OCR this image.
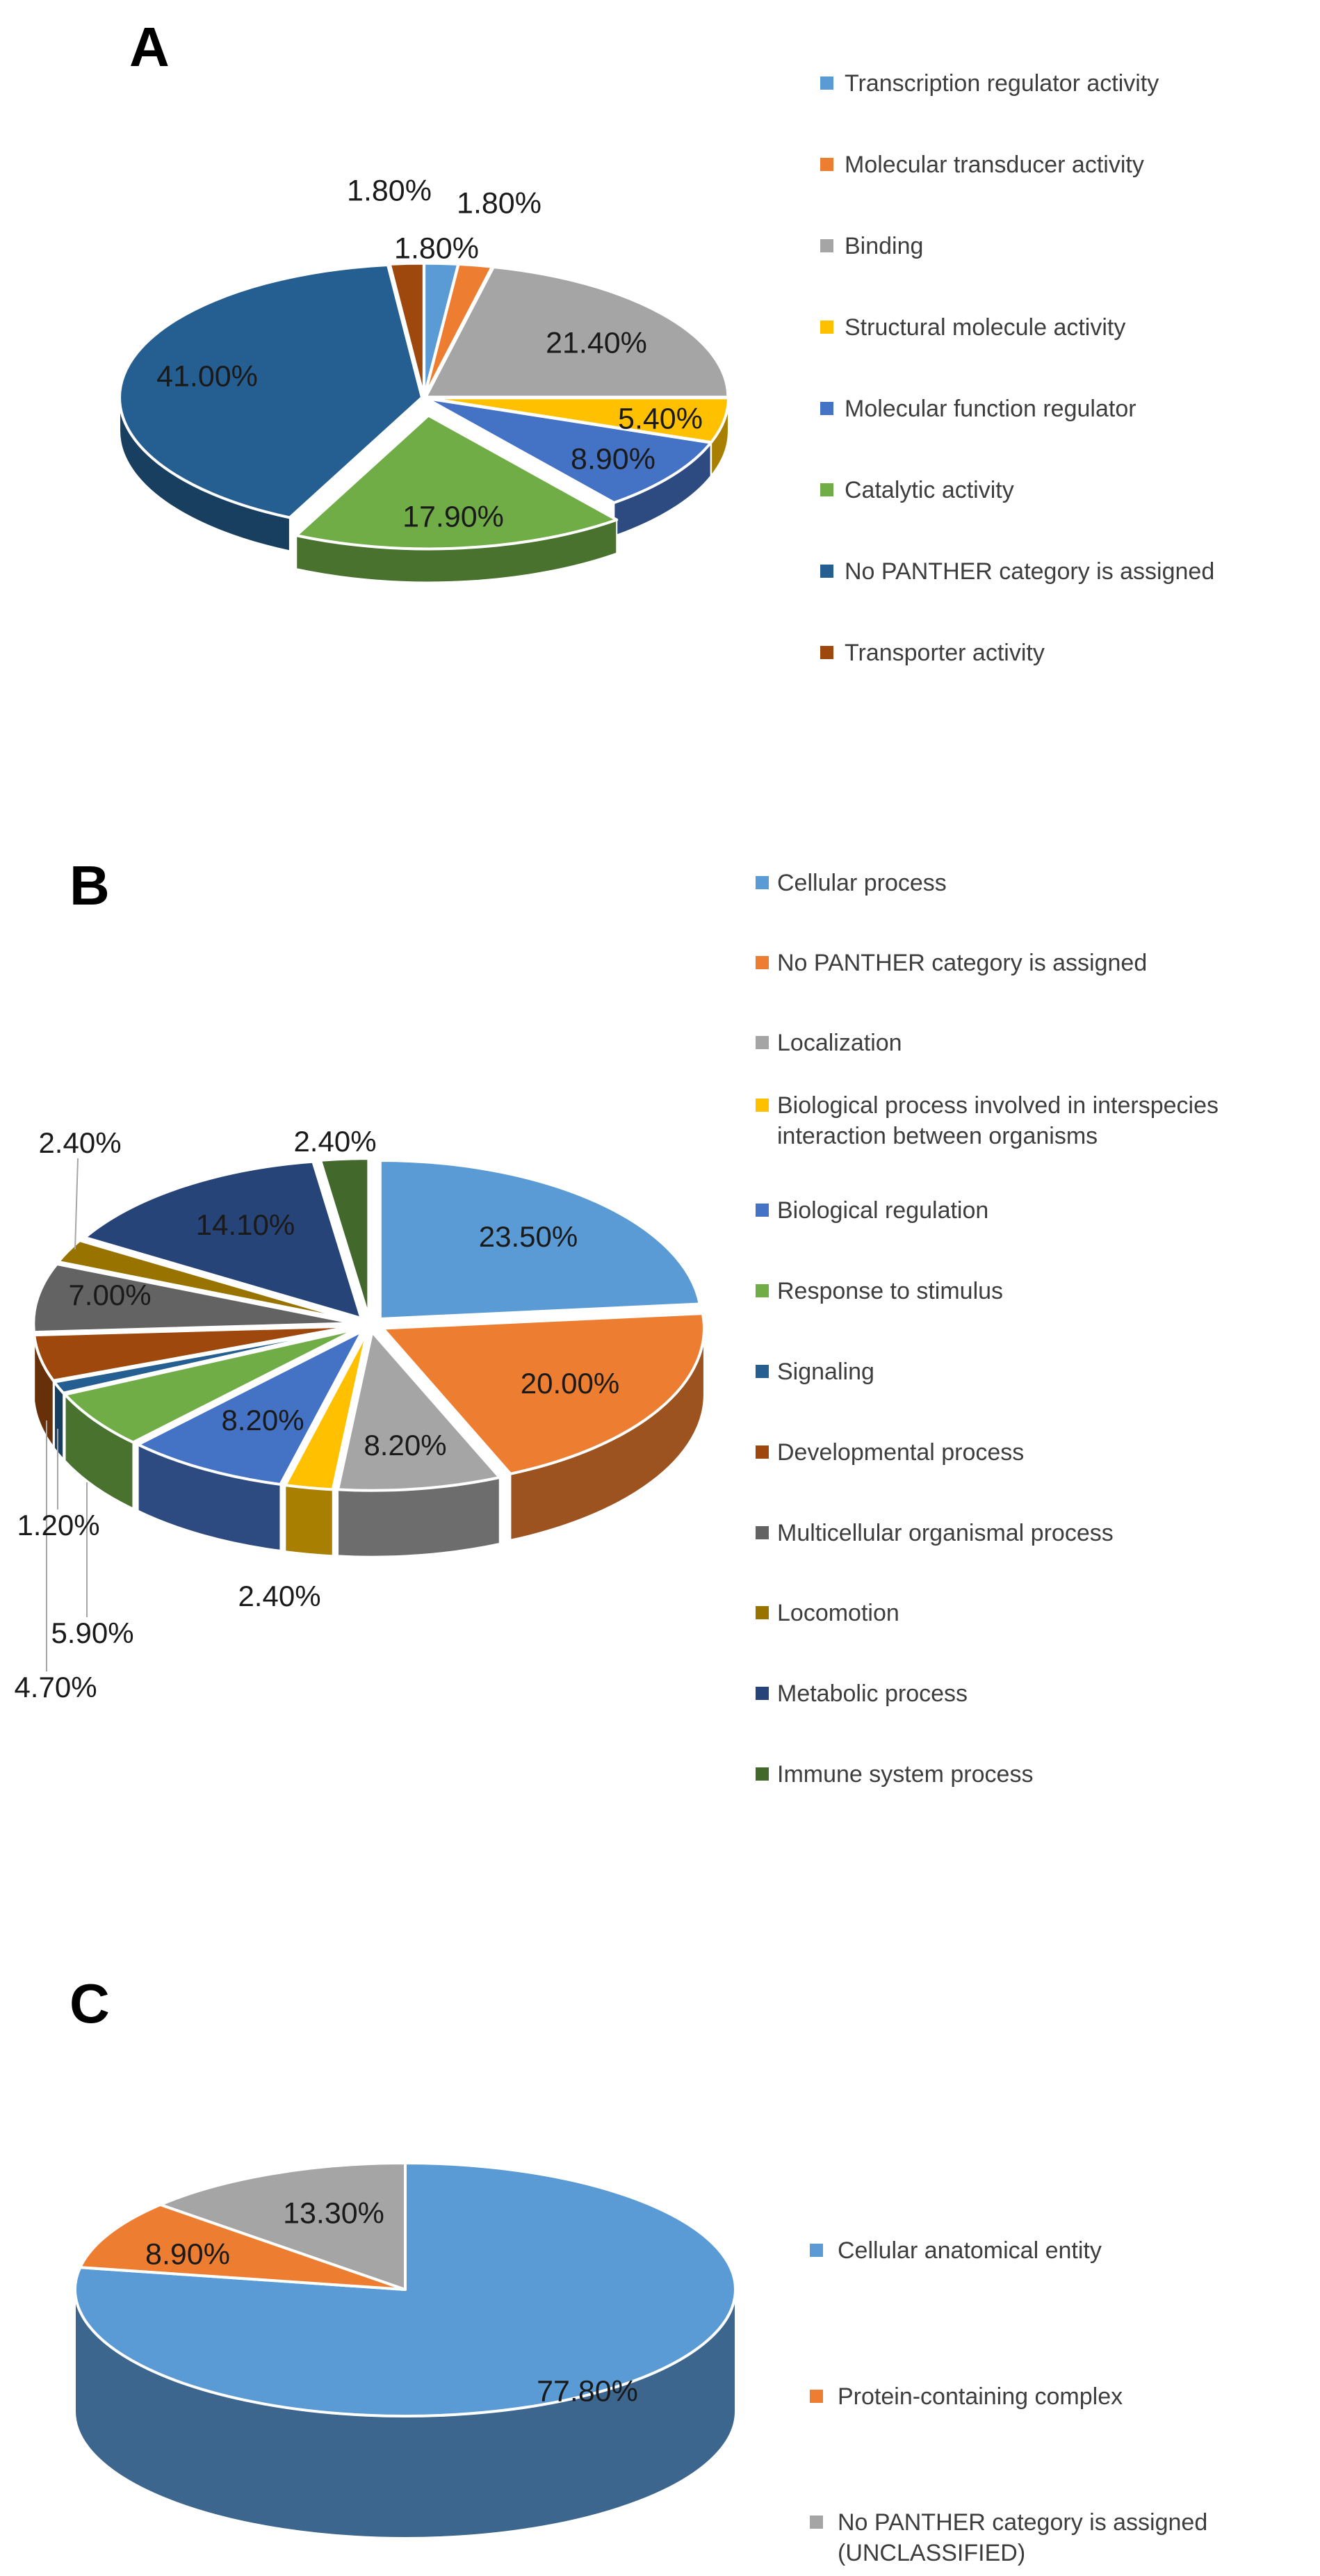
1.80%
1.80%
21.40%
5.40%
8.90%
17.90%
41.00%
1.80%
23.50%
20.00%
8.20%
2.40%
8.20%
5.90%
1.20%
4.70%
7.00%
2.40%
14.10%
2.40%
77.80%
8.90%
13.30%
A
B
C
Transcription regulator activity
Molecular transducer activity
Binding
Structural molecule activity
Molecular function regulator
Catalytic activity
No PANTHER category is assigned
Transporter activity
Cellular process
No PANTHER category is assigned
Localization
Biological process involved in interspecies interaction between organisms
Biological regulation
Response to stimulus
Signaling
Developmental process
Multicellular organismal process
Locomotion
Metabolic process
Immune system process
Cellular anatomical entity
Protein-containing complex
No PANTHER category is assigned (UNCLASSIFIED)
